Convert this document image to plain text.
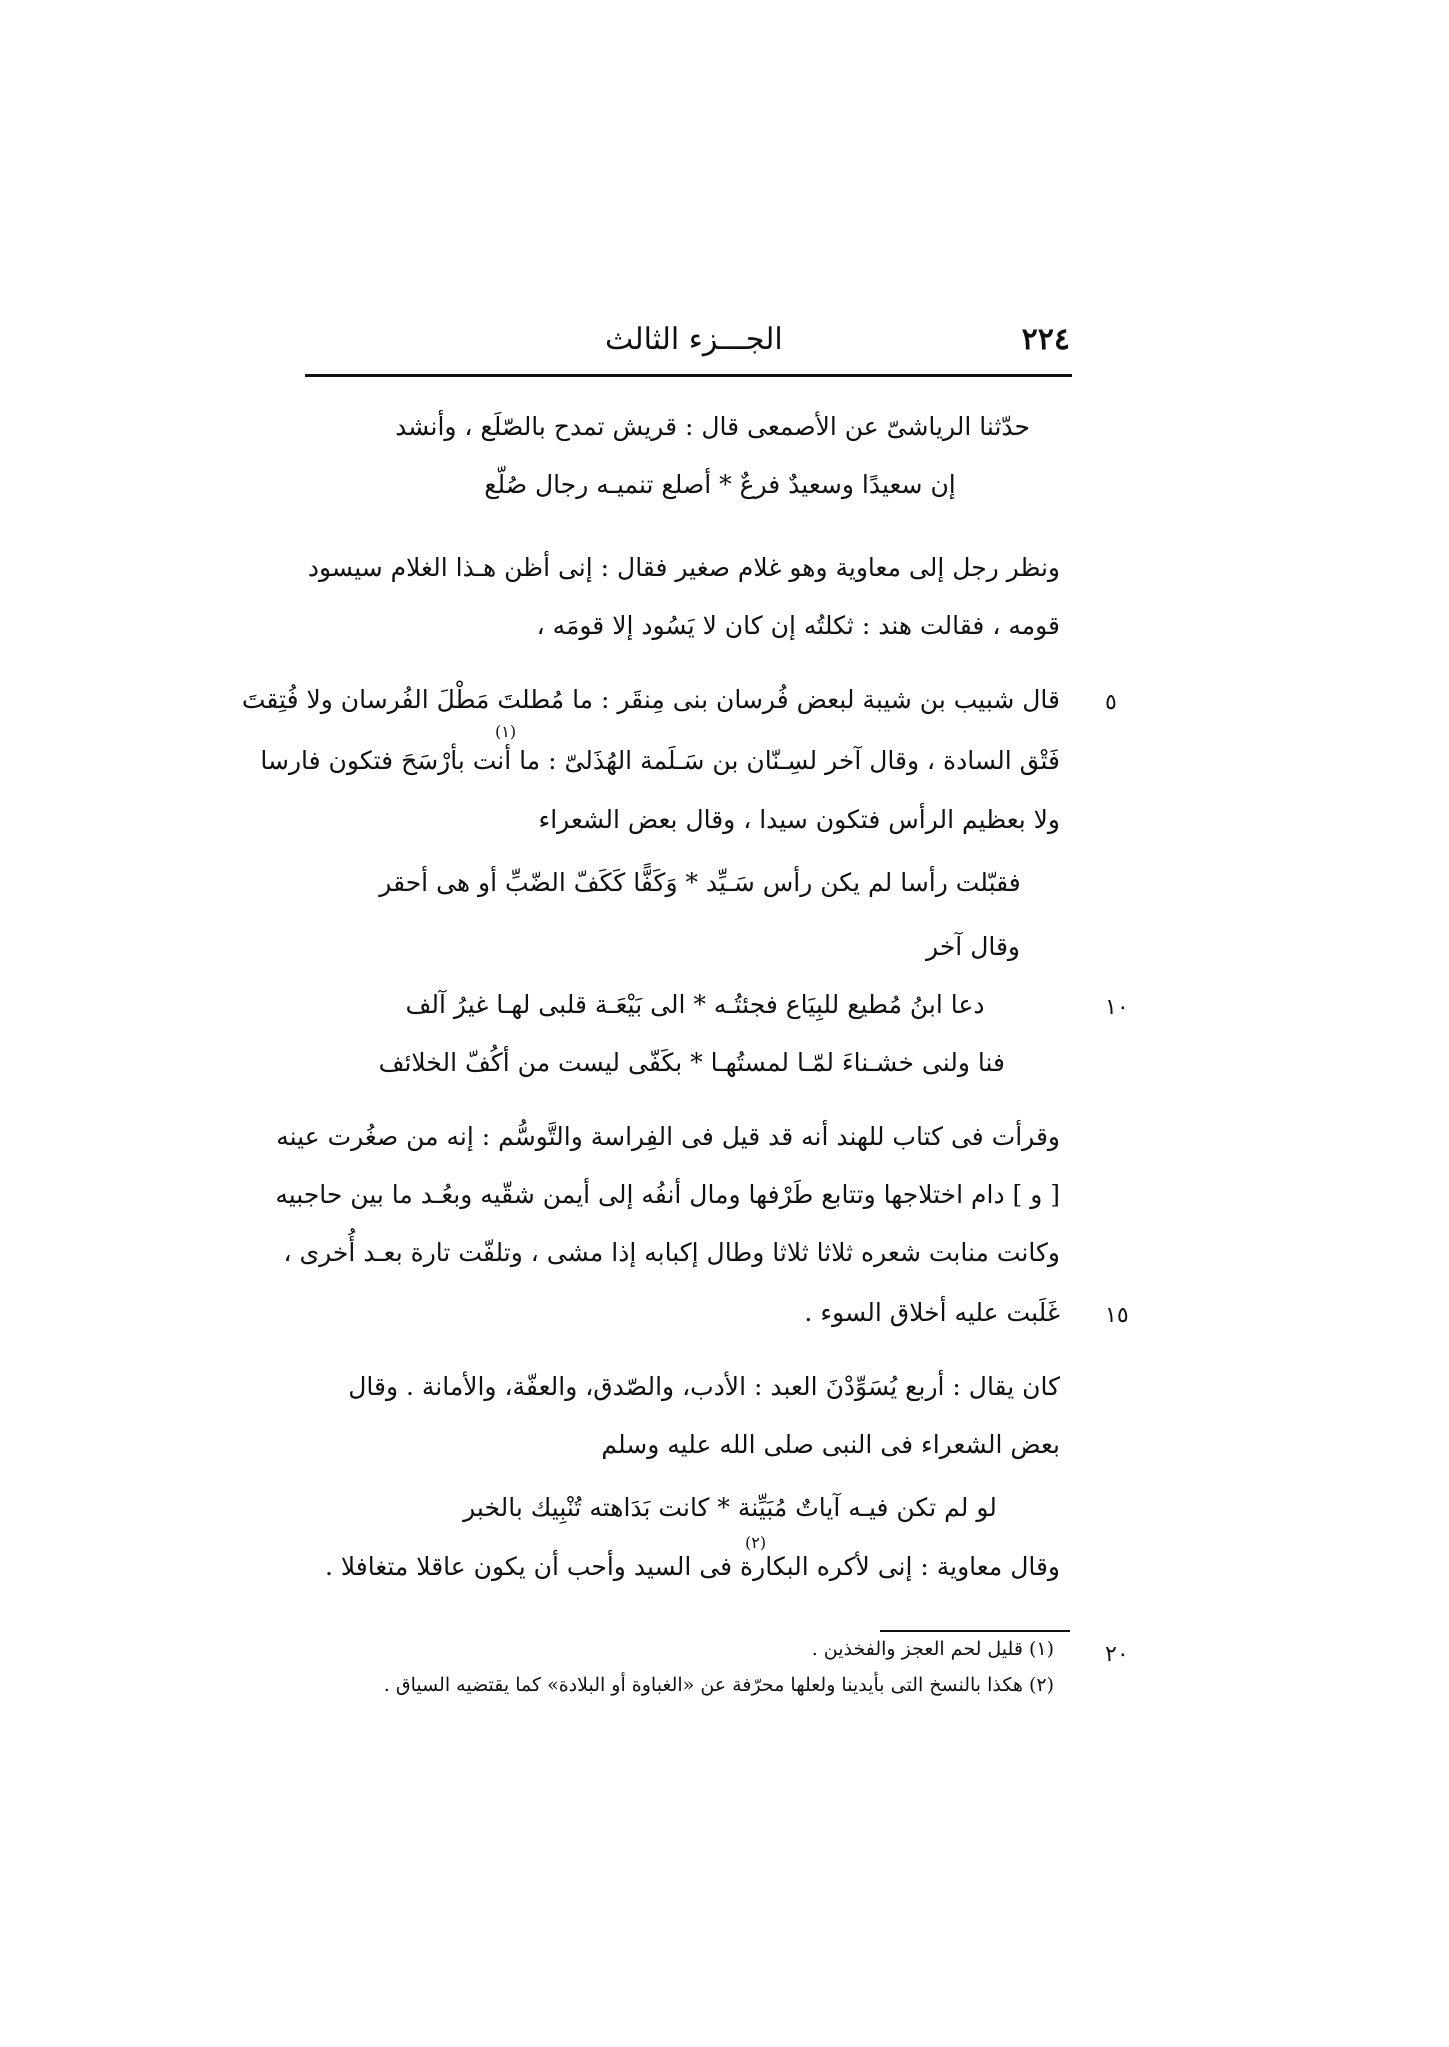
الجـــزء الثالث	٢٢٤
حدّثنا الرياشىّ عن الأصمعى قال : قريش تمدح بالصّلَع ، وأنشد
إن سعيدًا وسعيدٌ فرعٌ * أصلع تنميـه رجال صُلّع
ونظر رجل إلى معاوية وهو غلام صغير فقال : إنى أظن هـذا الغلام سيسود
قومه ، فقالت هند : ثكلتُه إن كان لا يَسُود إلا قومَه ،
قال شبيب بن شيبة لبعض فُرسان بنى مِنقَر : ما مُطلتَ مَطْلَ الفُرسان ولا فُتِقتَ ٥
فَتْق السادة ، وقال آخر لسِـنّان بن سَـلَمة الهُذَلىّ : ما أنت بأرْسَحَ فتكون فارسا
(١)
ولا بعظيم الرأس فتكون سيدا ، وقال بعض الشعراء
فقبّلت رأسا لم يكن رأس سَـيِّد * وَكَفًّا كَكَفّ الضّبِّ أو هى أحقر
وقال آخر
دعا ابنُ مُطيع للبِيَاع فجئتُـه * الى بَيْعَـة قلبى لهـا غيرُ آلف	١٠
فنا ولنى خشـناءَ لمّـا لمستُهـا * بكَفّى ليست من أكُفّ الخلائف
وقرأت فى كتاب للهند أنه قد قيل فى الفِراسة والتَّوسُّم : إنه من صغُرت عينه
[ و ] دام اختلاجها وتتابع طَرْفها ومال أنفُه إلى أيمن شقّيه وبعُـد ما بين حاجبيه
وكانت منابت شعره ثلاثا ثلاثا وطال إكبابه إذا مشى ، وتلفّت تارة بعـد أُخرى ،
غَلَبت عليه أخلاق السوء . ١٥
كان يقال : أربع يُسَوِّدْنَ العبد : الأدب، والصّدق، والعفّة، والأمانة . وقال
بعض الشعراء فى النبى صلى الله عليه وسلم
لو لم تكن فيـه آياتٌ مُبَيِّنة * كانت بَدَاهته تُنْبِيك بالخبر
(٢)
وقال معاوية : إنى لأكره البكارة فى السيد وأحب أن يكون عاقلا متغافلا .
٢٠
(١) قليل لحم العجز والفخذين .
(٢) هكذا بالنسخ التى بأيدينا ولعلها محرّفة عن «الغباوة أو البلادة» كما يقتضيه السياق .
